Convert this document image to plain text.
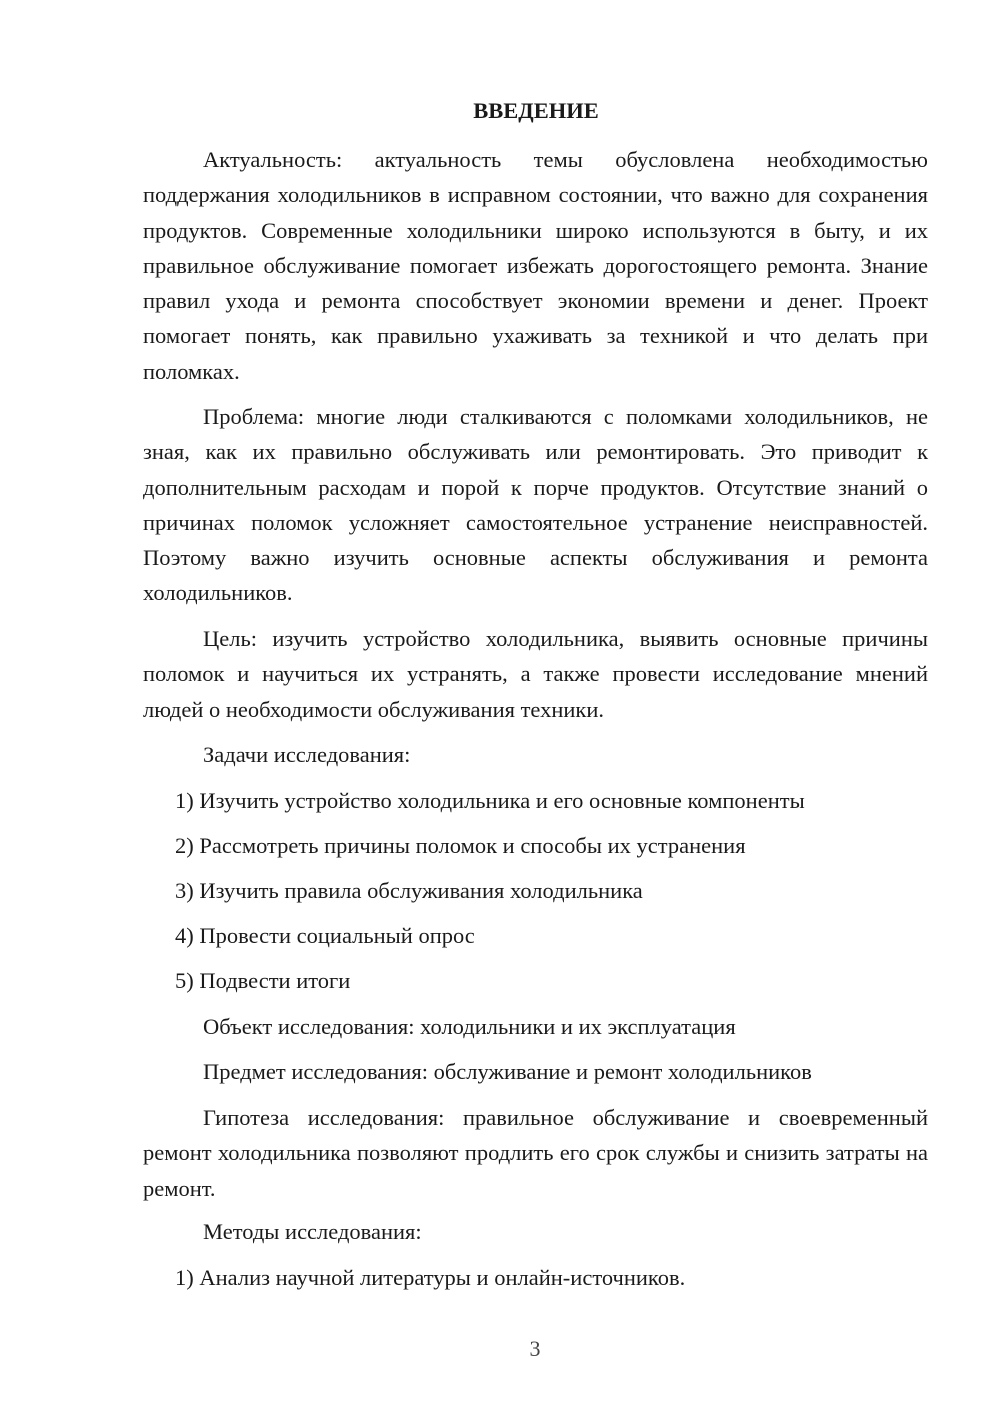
ВВЕДЕНИЕ

Актуальность: актуальность темы обусловлена необходимостью поддержания холодильников в исправном состоянии, что важно для сохранения продуктов. Современные холодильники широко используются в быту, и их правильное обслуживание помогает избежать дорогостоящего ремонта. Знание правил ухода и ремонта способствует экономии времени и денег. Проект помогает понять, как правильно ухаживать за техникой и что делать при поломках.

Проблема: многие люди сталкиваются с поломками холодильников, не зная, как их правильно обслуживать или ремонтировать. Это приводит к дополнительным расходам и порой к порче продуктов. Отсутствие знаний о причинах поломок усложняет самостоятельное устранение неисправностей. Поэтому важно изучить основные аспекты обслуживания и ремонта холодильников.

Цель: изучить устройство холодильника, выявить основные причины поломок и научиться их устранять, а также провести исследование мнений людей о необходимости обслуживания техники.

Задачи исследования:
1) Изучить устройство холодильника и его основные компоненты
2) Рассмотреть причины поломок и способы их устранения
3) Изучить правила обслуживания холодильника
4) Провести социальный опрос
5) Подвести итоги
Объект исследования: холодильники и их эксплуатация
Предмет исследования: обслуживание и ремонт холодильников

Гипотеза исследования: правильное обслуживание и своевременный ремонт холодильника позволяют продлить его срок службы и снизить затраты на ремонт.

Методы исследования:
1) Анализ научной литературы и онлайн-источников.
3
